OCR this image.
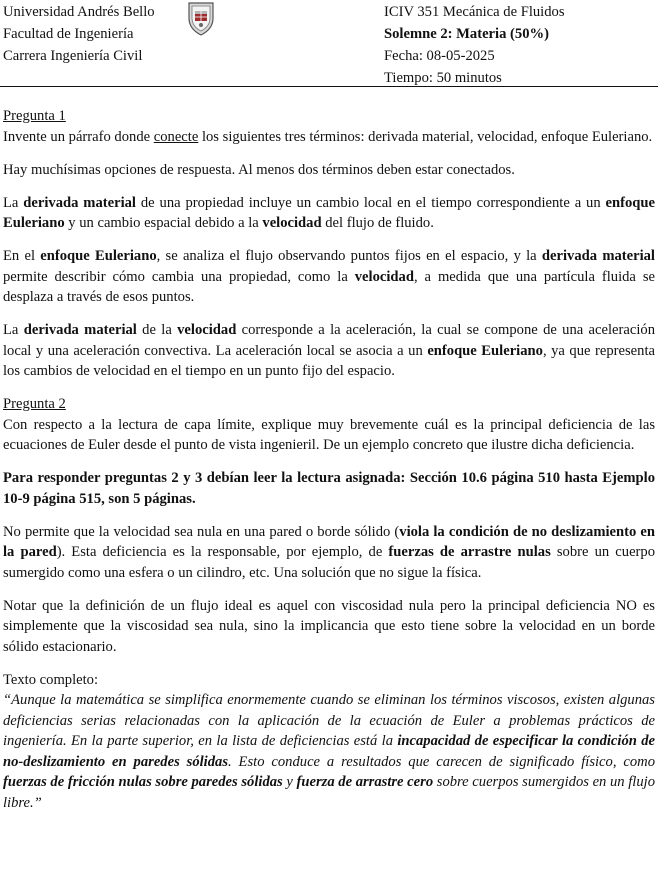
Universidad Andrés Bello
Facultad de Ingeniería
Carrera Ingeniería Civil
ICIV 351 Mecánica de Fluidos
Solemne 2: Materia (50%)
Fecha: 08-05-2025
Tiempo: 50 minutos
Pregunta 1

Invente un párrafo donde conecte los siguientes tres términos: derivada material, velocidad, enfoque Euleriano.

Hay muchísimas opciones de respuesta. Al menos dos términos deben estar conectados.

La derivada material de una propiedad incluye un cambio local en el tiempo correspondiente a un enfoque Euleriano y un cambio espacial debido a la velocidad del flujo de fluido.

En el enfoque Euleriano, se analiza el flujo observando puntos fijos en el espacio, y la derivada material permite describir cómo cambia una propiedad, como la velocidad, a medida que una partícula fluida se desplaza a través de esos puntos.

La derivada material de la velocidad corresponde a la aceleración, la cual se compone de una aceleración local y una aceleración convectiva. La aceleración local se asocia a un enfoque Euleriano, ya que representa los cambios de velocidad en el tiempo en un punto fijo del espacio.

Pregunta 2

Con respecto a la lectura de capa límite, explique muy brevemente cuál es la principal deficiencia de las ecuaciones de Euler desde el punto de vista ingenieril. De un ejemplo concreto que ilustre dicha deficiencia.

Para responder preguntas 2 y 3 debían leer la lectura asignada: Sección 10.6 página 510 hasta Ejemplo 10-9 página 515, son 5 páginas.

No permite que la velocidad sea nula en una pared o borde sólido (viola la condición de no deslizamiento en la pared). Esta deficiencia es la responsable, por ejemplo, de fuerzas de arrastre nulas sobre un cuerpo sumergido como una esfera o un cilindro, etc. Una solución que no sigue la física.

Notar que la definición de un flujo ideal es aquel con viscosidad nula pero la principal deficiencia NO es simplemente que la viscosidad sea nula, sino la implicancia que esto tiene sobre la velocidad en un borde sólido estacionario.

Texto completo:

“Aunque la matemática se simplifica enormemente cuando se eliminan los términos viscosos, existen algunas deficiencias serias relacionadas con la aplicación de la ecuación de Euler a problemas prácticos de ingeniería. En la parte superior, en la lista de deficiencias está la incapacidad de especificar la condición de no-deslizamiento en paredes sólidas. Esto conduce a resultados que carecen de significado físico, como fuerzas de fricción nulas sobre paredes sólidas y fuerza de arrastre cero sobre cuerpos sumergidos en un flujo libre.”
